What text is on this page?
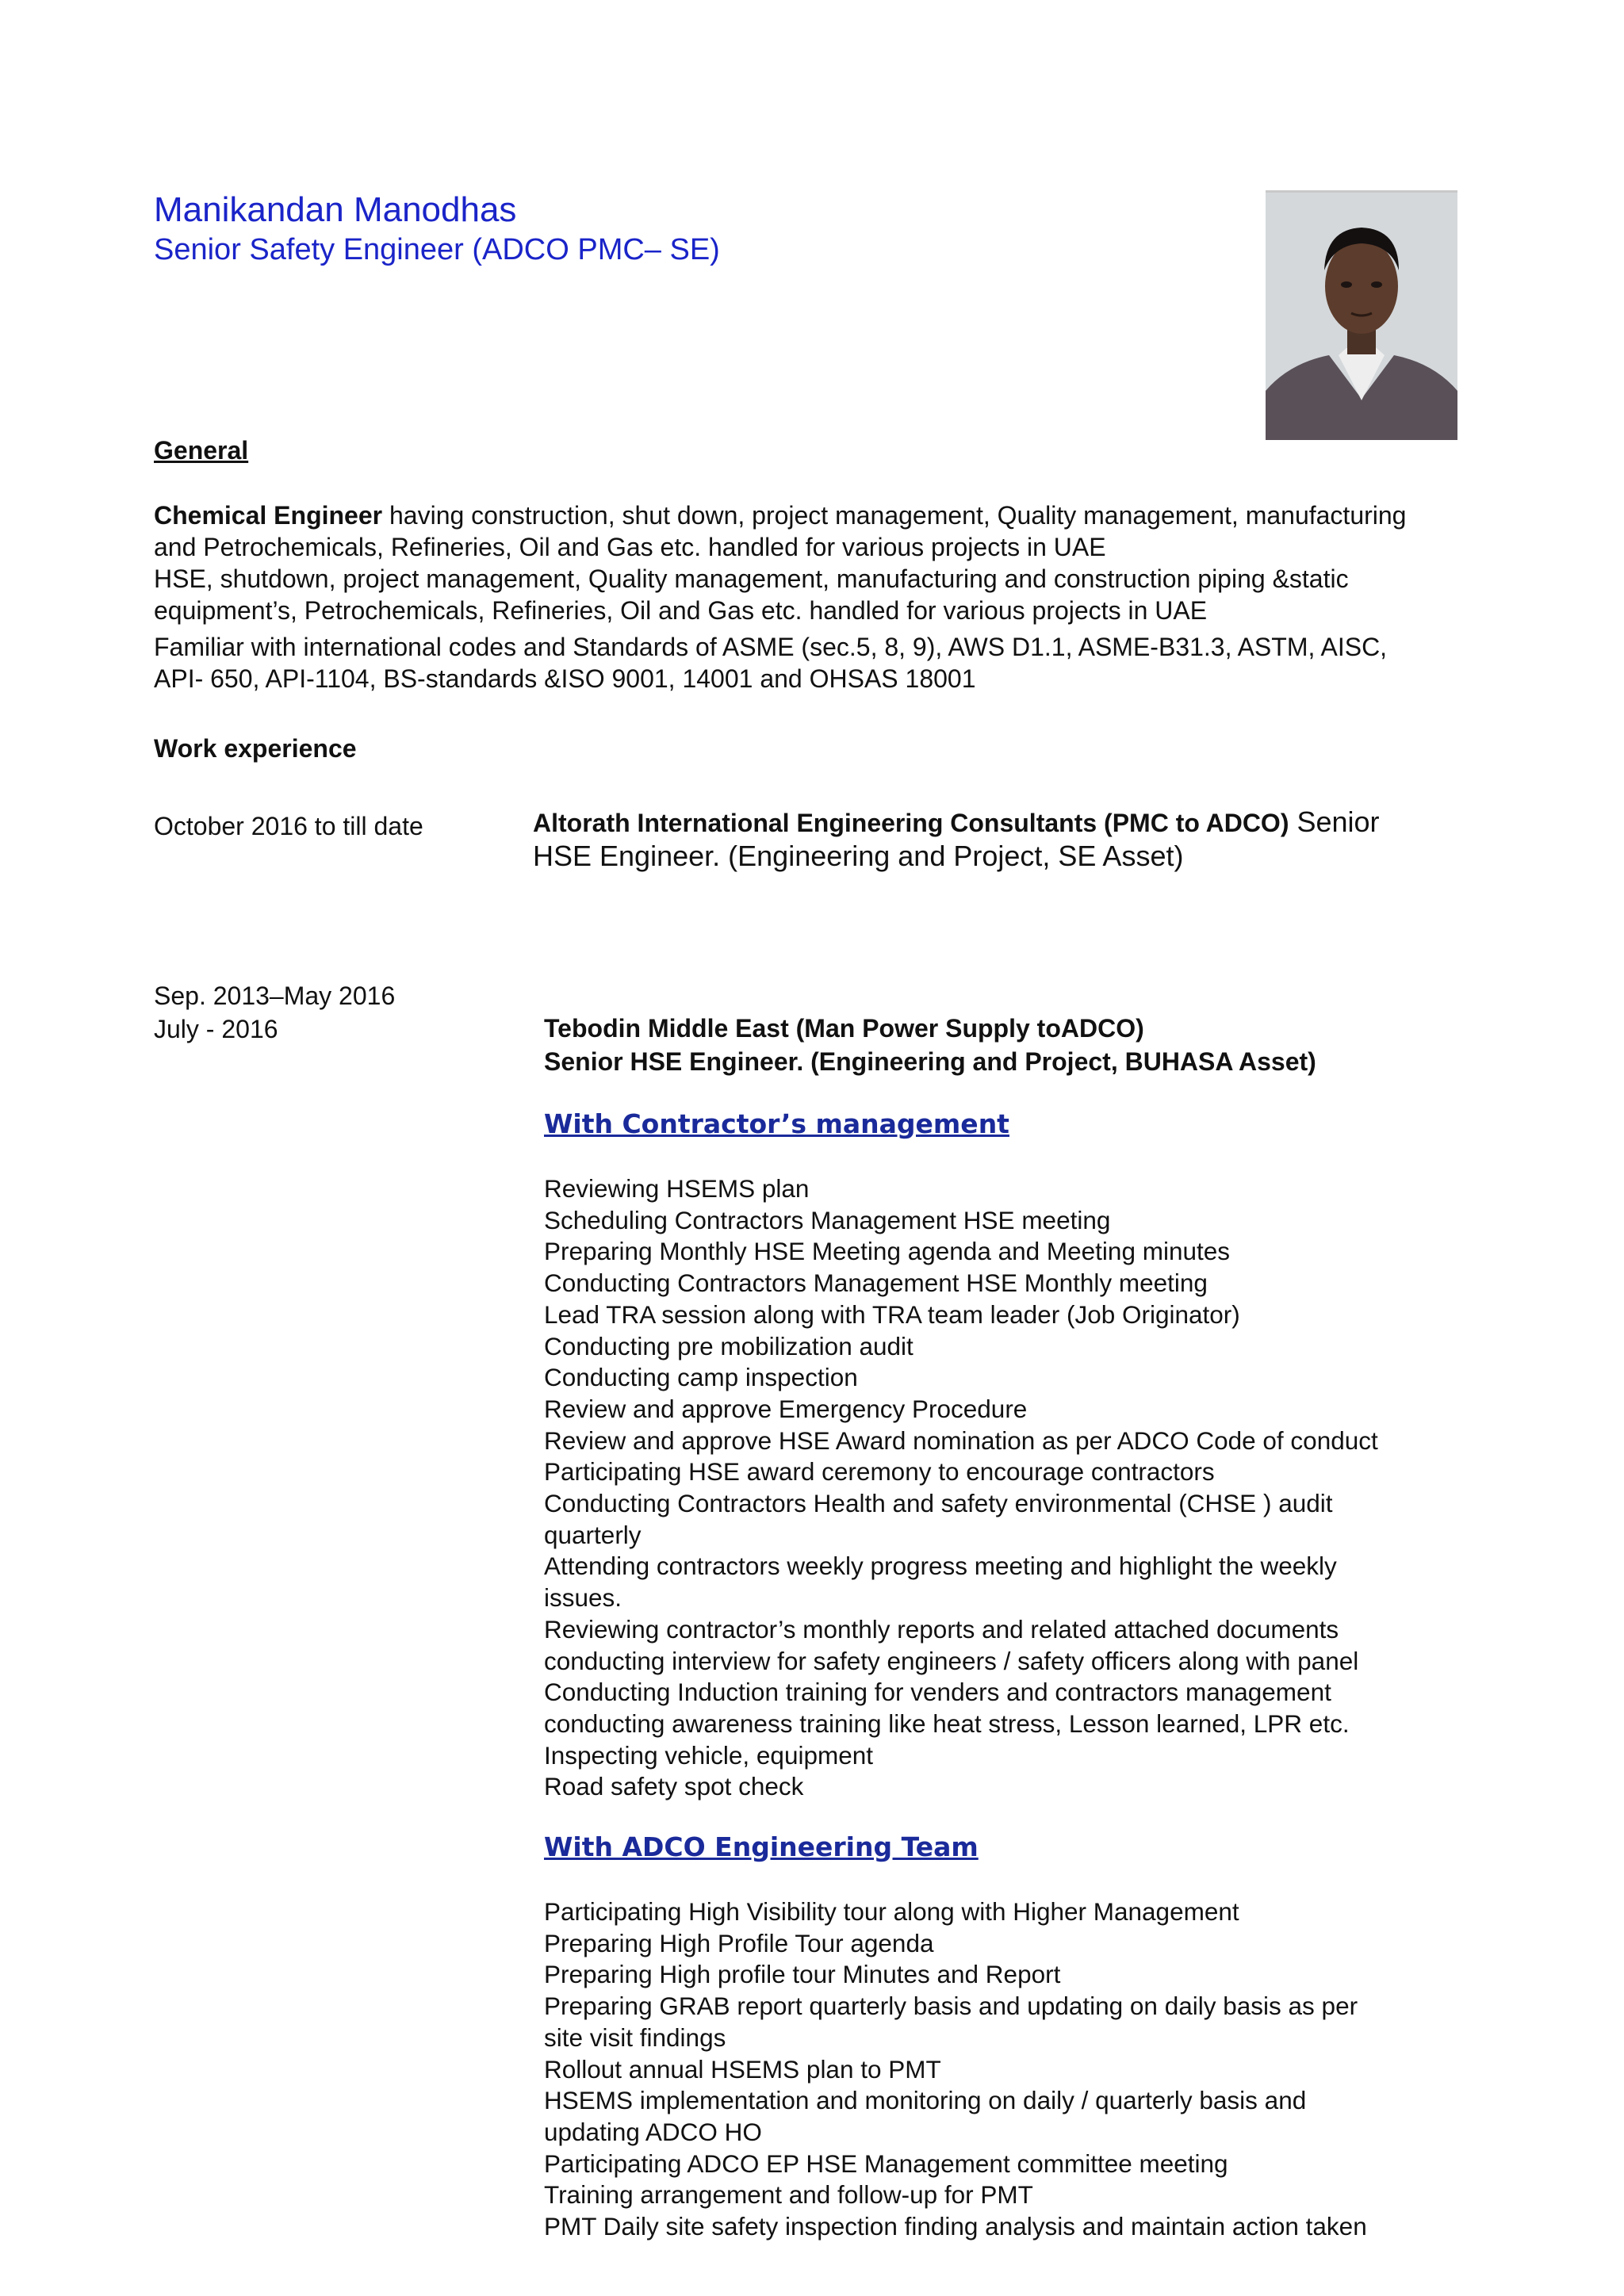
Manikandan Manodhas
Senior Safety Engineer (ADCO PMC– SE)
General
Chemical Engineer having construction, shut down, project management, Quality management, manufacturing
and Petrochemicals, Refineries, Oil and Gas etc. handled for various projects in UAE
HSE, shutdown, project management, Quality management, manufacturing and construction piping &static
equipment’s, Petrochemicals, Refineries, Oil and Gas etc. handled for various projects in UAE
Familiar with international codes and Standards of ASME (sec.5, 8, 9), AWS D1.1, ASME-B31.3, ASTM, AISC,
API- 650, API-1104, BS-standards &ISO 9001, 14001 and OHSAS 18001
Work experience
October 2016 to till date	Altorath International Engineering Consultants (PMC to ADCO) Senior
HSE Engineer. (Engineering and Project, SE Asset)
Sep. 2013–May 2016
July - 2016	Tebodin Middle East (Man Power Supply toADCO)
Senior HSE Engineer. (Engineering and Project, BUHASA Asset)
With Contractor’s management
Reviewing HSEMS plan
Scheduling Contractors Management HSE meeting
Preparing Monthly HSE Meeting agenda and Meeting minutes
Conducting Contractors Management HSE Monthly meeting
Lead TRA session along with TRA team leader (Job Originator)
Conducting pre mobilization audit
Conducting camp inspection
Review and approve Emergency Procedure
Review and approve HSE Award nomination as per ADCO Code of conduct
Participating HSE award ceremony to encourage contractors
Conducting Contractors Health and safety environmental (CHSE ) audit
quarterly
Attending contractors weekly progress meeting and highlight the weekly
issues.
Reviewing contractor’s monthly reports and related attached documents
conducting interview for safety engineers / safety officers along with panel
Conducting Induction training for venders and contractors management
conducting awareness training like heat stress, Lesson learned, LPR etc.
Inspecting vehicle, equipment
Road safety spot check
With ADCO Engineering Team
Participating High Visibility tour along with Higher Management
Preparing High Profile Tour agenda
Preparing High profile tour Minutes and Report
Preparing GRAB report quarterly basis and updating on daily basis as per
site visit findings
Rollout annual HSEMS plan to PMT
HSEMS implementation and monitoring on daily / quarterly basis and
updating ADCO HO
Participating ADCO EP HSE Management committee meeting
Training arrangement and follow-up for PMT
PMT Daily site safety inspection finding analysis and maintain action taken
